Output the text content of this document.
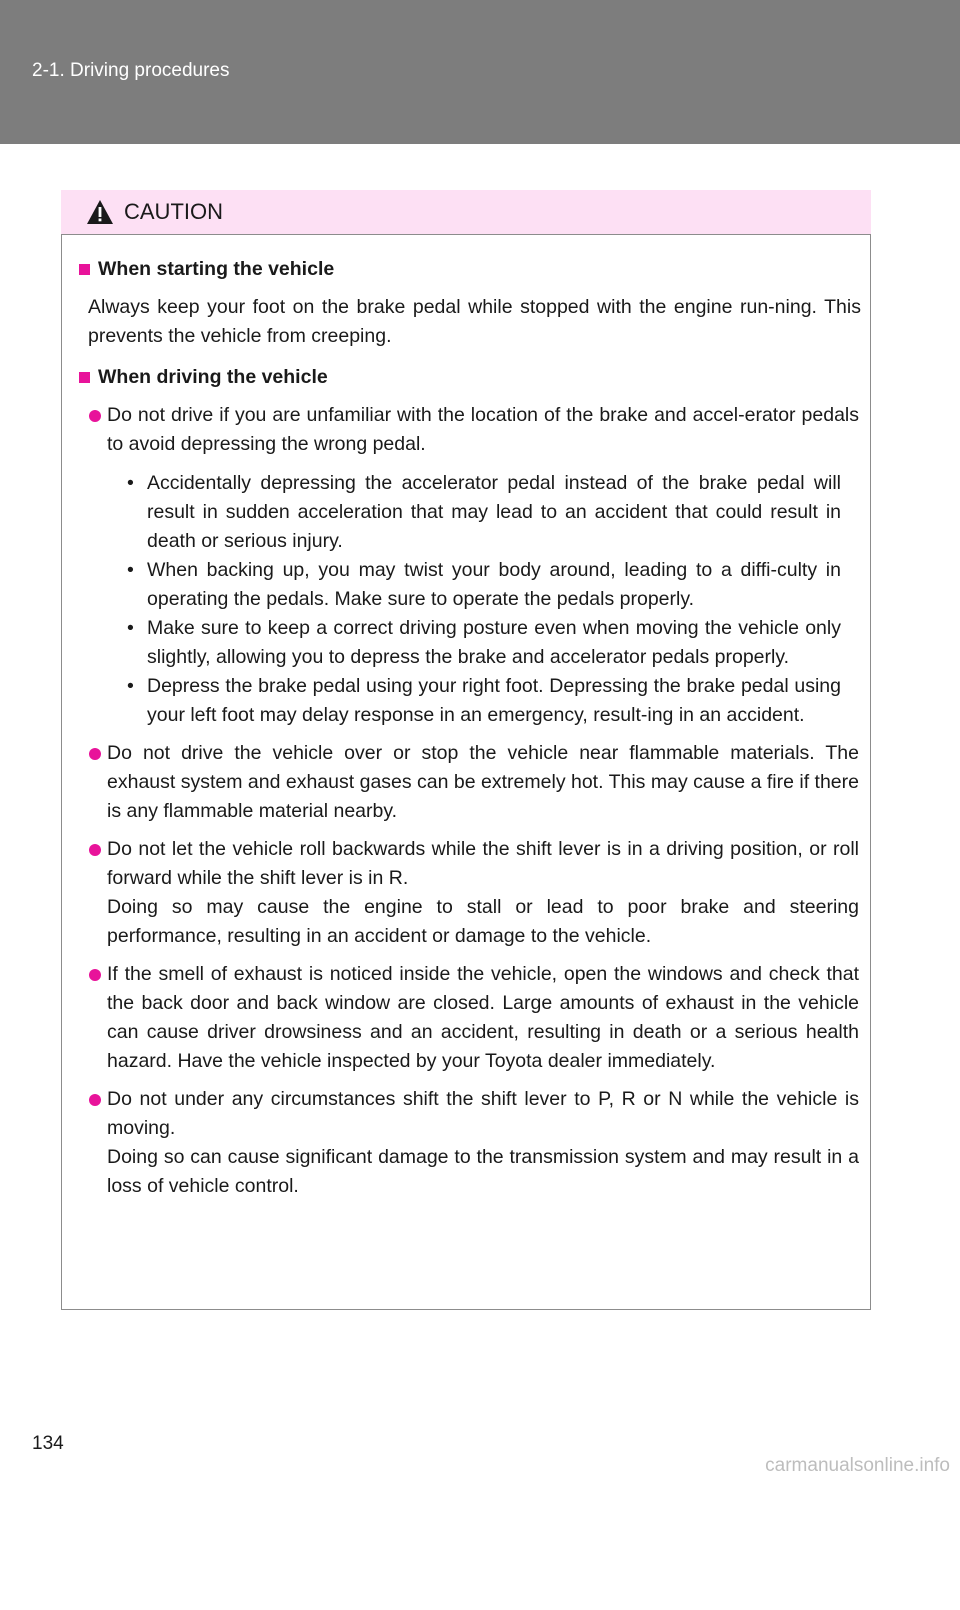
2-1. Driving procedures
CAUTION
When starting the vehicle
Always keep your foot on the brake pedal while stopped with the engine run-ning. This prevents the vehicle from creeping.
When driving the vehicle
Do not drive if you are unfamiliar with the location of the brake and accel-erator pedals to avoid depressing the wrong pedal.
• Accidentally depressing the accelerator pedal instead of the brake pedal will result in sudden acceleration that may lead to an accident that could result in death or serious injury.
• When backing up, you may twist your body around, leading to a diffi-culty in operating the pedals. Make sure to operate the pedals properly.
• Make sure to keep a correct driving posture even when moving the vehicle only slightly, allowing you to depress the brake and accelerator pedals properly.
• Depress the brake pedal using your right foot. Depressing the brake pedal using your left foot may delay response in an emergency, result-ing in an accident.
Do not drive the vehicle over or stop the vehicle near flammable materials. The exhaust system and exhaust gases can be extremely hot. This may cause a fire if there is any flammable material nearby.
Do not let the vehicle roll backwards while the shift lever is in a driving position, or roll forward while the shift lever is in R.
Doing so may cause the engine to stall or lead to poor brake and steering performance, resulting in an accident or damage to the vehicle.
If the smell of exhaust is noticed inside the vehicle, open the windows and check that the back door and back window are closed. Large amounts of exhaust in the vehicle can cause driver drowsiness and an accident, resulting in death or a serious health hazard. Have the vehicle inspected by your Toyota dealer immediately.
Do not under any circumstances shift the shift lever to P, R or N while the vehicle is moving.
Doing so can cause significant damage to the transmission system and may result in a loss of vehicle control.
134
carmanualsonline.info
